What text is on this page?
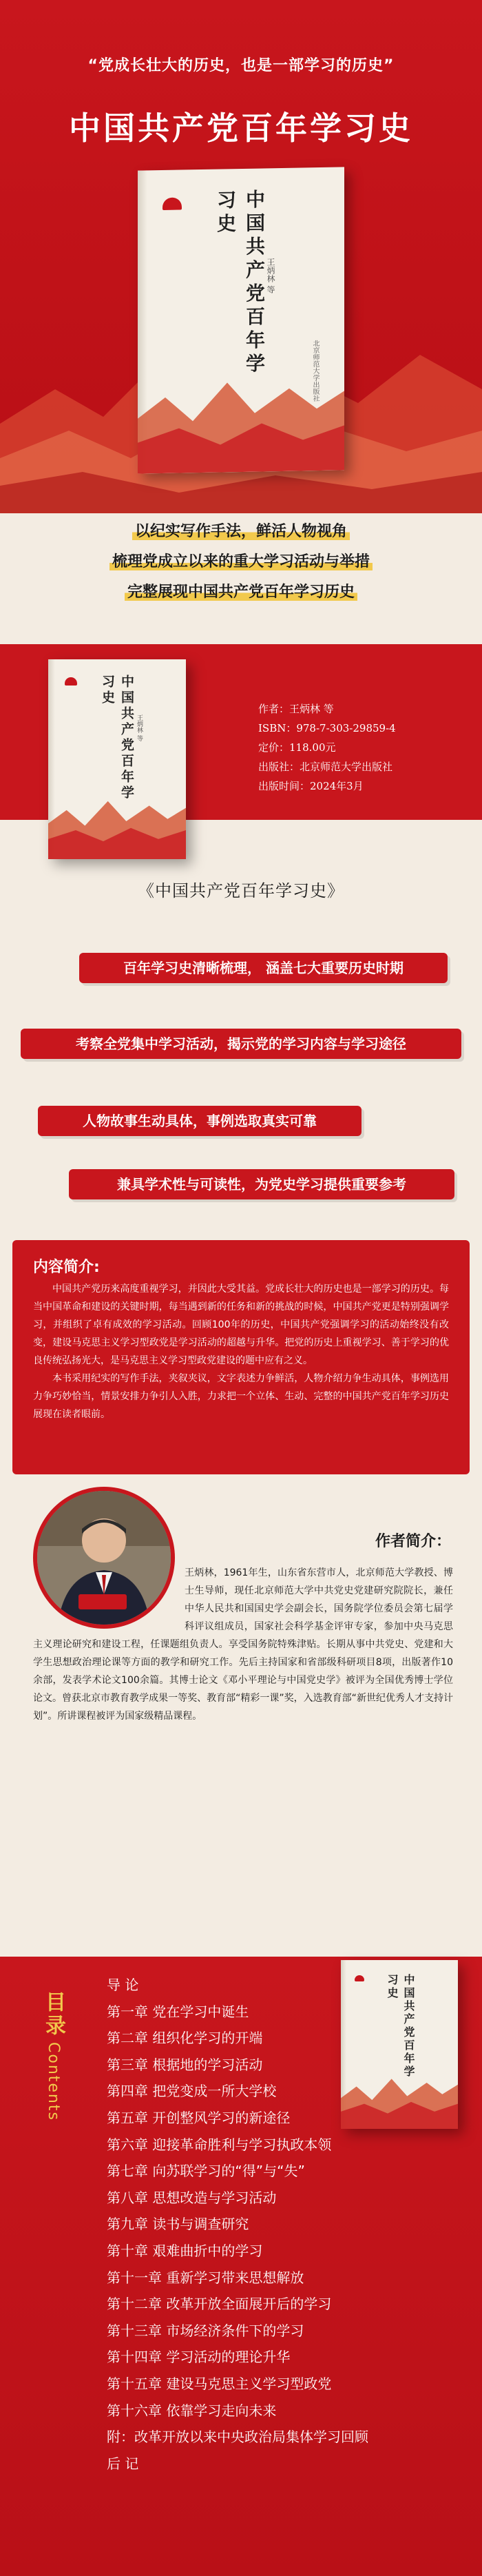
“党成长壮大的历史，也是一部学习的历史”
中国共产党百年学习史
中国共产党百年学习史
王炳林 等
北京师范大学出版社
以纪实写作手法，鲜活人物视角
梳理党成立以来的重大学习活动与举措
完整展现中国共产党百年学习历史
中国共产党百年学习史
王炳林 等
作者：王炳林 等
ISBN：978-7-303-29859-4
定价：118.00元
出版社：北京师范大学出版社
出版时间：2024年3月
《中国共产党百年学习史》
百年学习史清晰梳理， 涵盖七大重要历史时期
考察全党集中学习活动，揭示党的学习内容与学习途径
人物故事生动具体，事例选取真实可靠
兼具学术性与可读性，为党史学习提供重要参考
内容简介:

中国共产党历来高度重视学习，并因此大受其益。党成长壮大的历史也是一部学习的历史。每当中国革命和建设的关键时期，每当遇到新的任务和新的挑战的时候，中国共产党更是特别强调学习，并组织了卓有成效的学习活动。回顾100年的历史，中国共产党强调学习的活动始终没有改变，建设马克思主义学习型政党是学习活动的超越与升华。把党的历史上重视学习、善于学习的优良传统弘扬光大，是马克思主义学习型政党建设的题中应有之义。

本书采用纪实的写作手法，夹叙夹议，文字表述力争鲜活，人物介绍力争生动具体，事例选用力争巧妙恰当，情景安排力争引人入胜，力求把一个立体、生动、完整的中国共产党百年学习历史展现在读者眼前。

作者简介：
王炳林，1961年生，山东省东营市人，北京师范大学教授、博士生导师，现任北京师范大学中共党史党建研究院院长，兼任中华人民共和国国史学会副会长，国务院学位委员会第七届学科评议组成员，国家社会科学基金评审专家，参加中央马克思主义理论研究和建设工程，任课题组负责人。享受国务院特殊津贴。长期从事中共党史、党建和大学生思想政治理论课等方面的教学和研究工作。先后主持国家和省部级科研项目8项，出版著作10余部，发表学术论文100余篇。其博士论文《邓小平理论与中国党史学》被评为全国优秀博士学位论文。曾获北京市教育教学成果一等奖、教育部“精彩一课”奖，入选教育部“新世纪优秀人才支持计划”。所讲课程被评为国家级精品课程。
目录 Contents
中国共产党百年学习史
导 论
第一章 党在学习中诞生
第二章 组织化学习的开端
第三章 根据地的学习活动
第四章 把党变成一所大学校
第五章 开创整风学习的新途径
第六章 迎接革命胜利与学习执政本领
第七章 向苏联学习的“得”与“失”
第八章 思想改造与学习活动
第九章 读书与调查研究
第十章 艰难曲折中的学习
第十一章 重新学习带来思想解放
第十二章 改革开放全面展开后的学习
第十三章 市场经济条件下的学习
第十四章 学习活动的理论升华
第十五章 建设马克思主义学习型政党
第十六章 依靠学习走向未来
附：改革开放以来中央政治局集体学习回顾
后 记
